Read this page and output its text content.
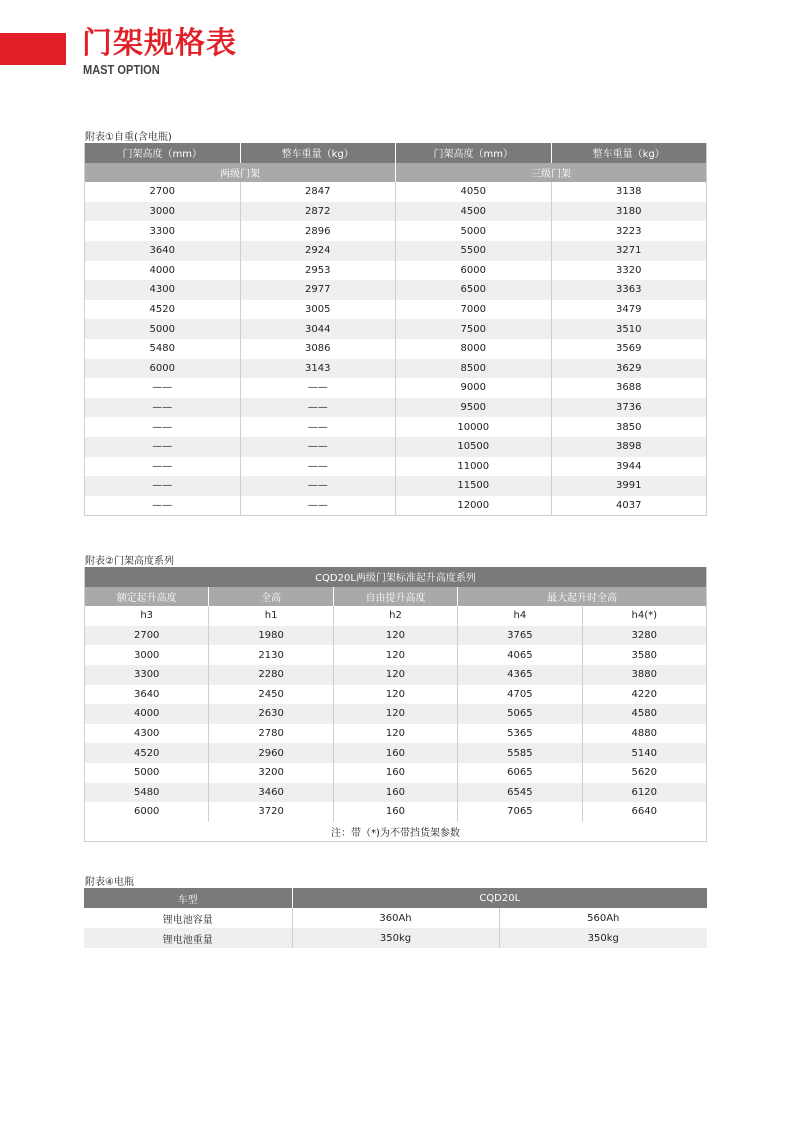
门架规格表
MAST OPTION
附表①自重(含电瓶)
门架高度（mm）	整车重量（kg）	门架高度（mm）	整车重量（kg）
两级门架		三级门架	
2700	2847	4050	3138
3000	2872	4500	3180
3300	2896	5000	3223
3640	2924	5500	3271
4000	2953	6000	3320
4300	2977	6500	3363
4520	3005	7000	3479
5000	3044	7500	3510
5480	3086	8000	3569
6000	3143	8500	3629
——	——	9000	3688
——	——	9500	3736
——	——	10000	3850
——	——	10500	3898
——	——	11000	3944
——	——	11500	3991
——	——	12000	4037
附表②门架高度系列
CQD20L两级门架标准起升高度系列				
额定起升高度	全高	自由提升高度	最大起升时全高	
h3	h1	h2	h4	h4(*)
2700	1980	120	3765	3280
3000	2130	120	4065	3580
3300	2280	120	4365	3880
3640	2450	120	4705	4220
4000	2630	120	5065	4580
4300	2780	120	5365	4880
4520	2960	160	5585	5140
5000	3200	160	6065	5620
5480	3460	160	6545	6120
6000	3720	160	7065	6640
注：带（*)为不带挡货架参数				
附表④电瓶
车型	CQD20L	
锂电池容量	360Ah	560Ah
锂电池重量	350kg	350kg
